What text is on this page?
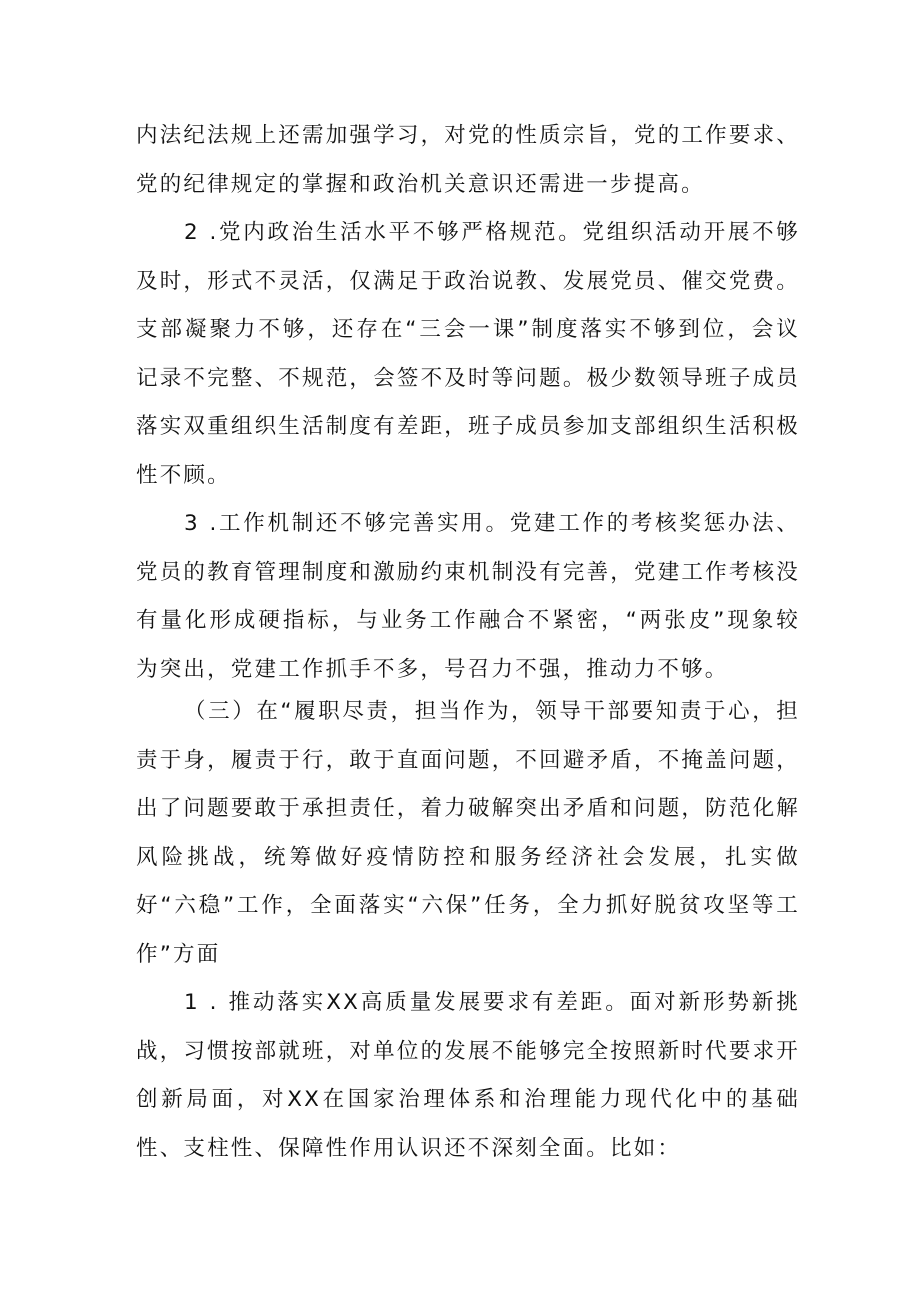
内法纪法规上还需加强学习，对党的性质宗旨，党的工作要求、党的纪律规定的掌握和政治机关意识还需进一步提高。

2 .党内政治生活水平不够严格规范。党组织活动开展不够及时，形式不灵活，仅满足于政治说教、发展党员、催交党费。支部凝聚力不够，还存在“三会一课”制度落实不够到位，会议记录不完整、不规范，会签不及时等问题。极少数领导班子成员落实双重组织生活制度有差距，班子成员参加支部组织生活积极性不顾。

3 .工作机制还不够完善实用。党建工作的考核奖惩办法、党员的教育管理制度和激励约束机制没有完善，党建工作考核没有量化形成硬指标，与业务工作融合不紧密，“两张皮”现象较为突出，党建工作抓手不多，号召力不强，推动力不够。

（三）在“履职尽责，担当作为，领导干部要知责于心，担责于身，履责于行，敢于直面问题，不回避矛盾，不掩盖问题，出了问题要敢于承担责任，着力破解突出矛盾和问题，防范化解风险挑战，统筹做好疫情防控和服务经济社会发展，扎实做好“六稳”工作，全面落实“六保”任务，全力抓好脱贫攻坚等工作”方面

1 . 推动落实XX高质量发展要求有差距。面对新形势新挑战，习惯按部就班，对单位的发展不能够完全按照新时代要求开创新局面，对XX在国家治理体系和治理能力现代化中的基础性、支柱性、保障性作用认识还不深刻全面。比如：
